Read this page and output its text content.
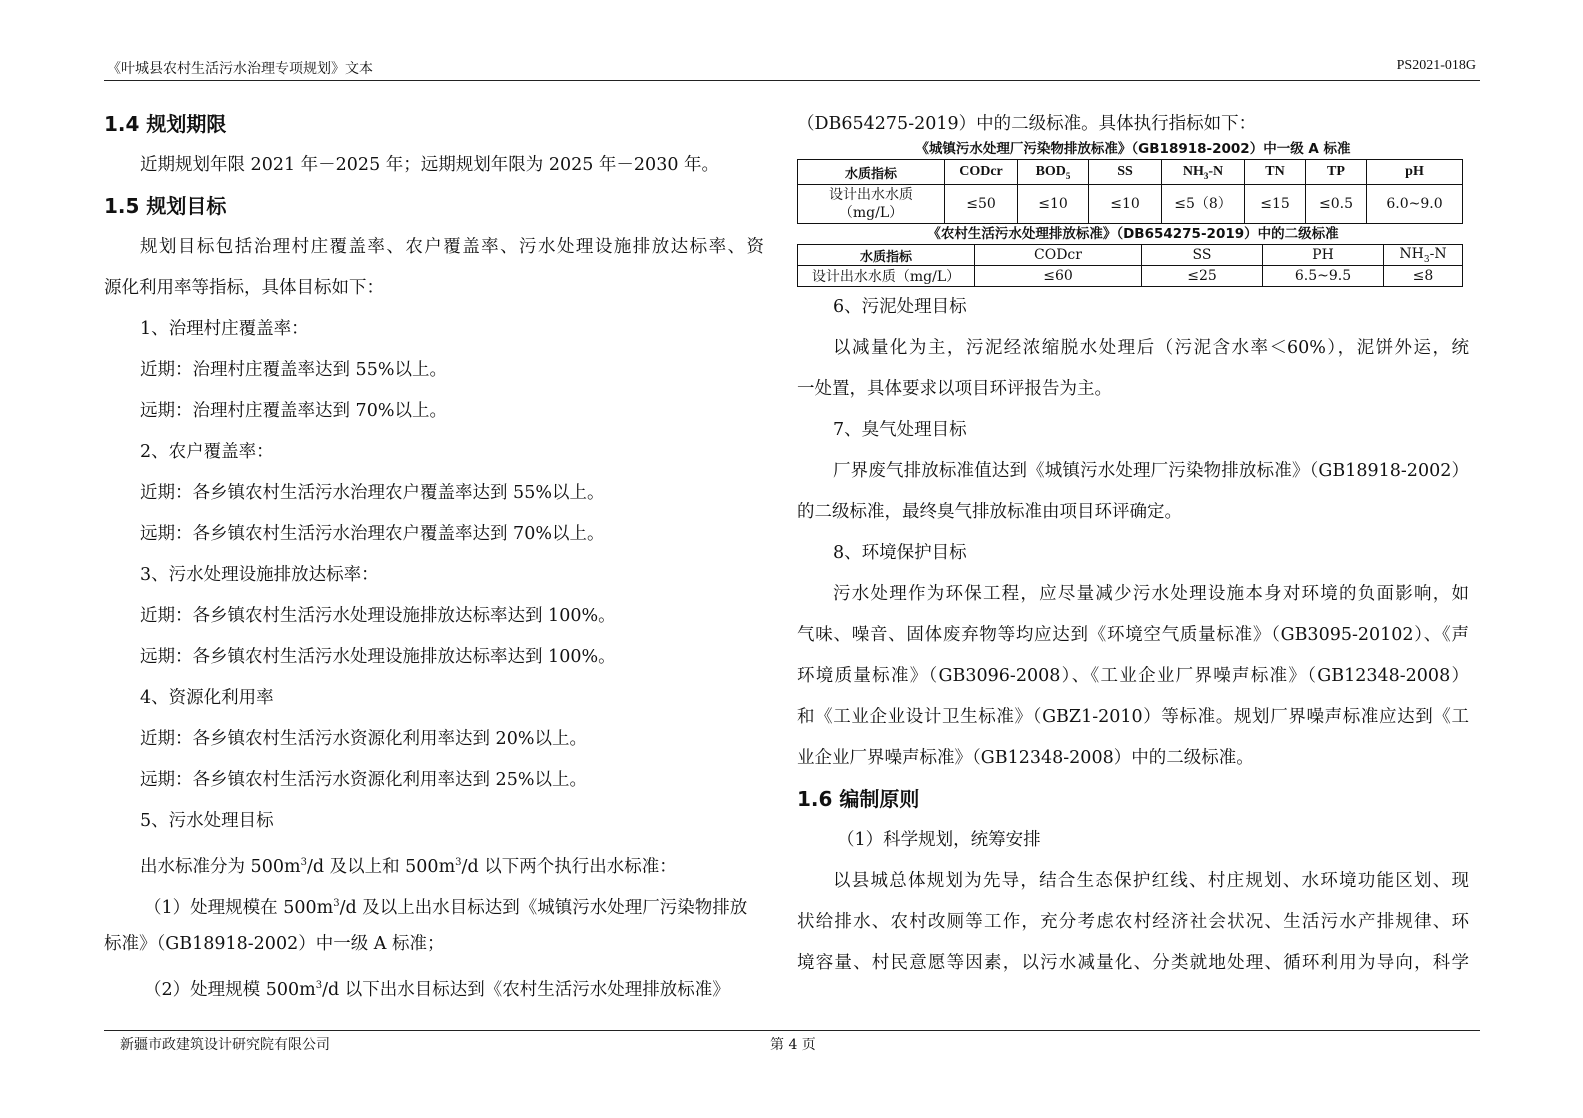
《叶城县农村生活污水治理专项规划》文本	PS2021-018G
1.4 规划期限

近期规划年限 2021 年－2025 年；远期规划年限为 2025 年－2030 年。

1.5 规划目标

规划目标包括治理村庄覆盖率、农户覆盖率、污水处理设施排放达标率、资

源化利用率等指标，具体目标如下：

1、治理村庄覆盖率：

近期：治理村庄覆盖率达到 55%以上。

远期：治理村庄覆盖率达到 70%以上。

2、农户覆盖率：

近期：各乡镇农村生活污水治理农户覆盖率达到 55%以上。

远期：各乡镇农村生活污水治理农户覆盖率达到 70%以上。

3、污水处理设施排放达标率：

近期：各乡镇农村生活污水处理设施排放达标率达到 100%。

远期：各乡镇农村生活污水处理设施排放达标率达到 100%。

4、资源化利用率

近期：各乡镇农村生活污水资源化利用率达到 20%以上。

远期：各乡镇农村生活污水资源化利用率达到 25%以上。

5、污水处理目标

出水标准分为 $500m^3/d$ 及以上和 $500m^3/d$ 以下两个执行出水标准：

（1）处理规模在 $500m^3/d$ 及以上出水目标达到《城镇污水处理厂污染物排放

标准》（GB18918-2002）中一级 A 标准；

（2）处理规模 $500m^3/d$ 以下出水目标达到《农村生活污水处理排放标准》

（DB654275-2019）中的二级标准。具体执行指标如下：

《城镇污水处理厂污染物排放标准》（GB18918-2002）中一级 A 标准
水质指标	CODcr	$BOD_5$	SS	$NH_3-N$	TN	TP	pH
设计出水水质
（mg/L）	≤50	≤10	≤10	≤5（8）	≤15	≤0.5	6.0~9.0
《农村生活污水处理排放标准》（DB654275-2019）中的二级标准
水质指标	CODcr	SS	PH	$NH_3-N$
设计出水水质（mg/L）	≤60	≤25	6.5~9.5	≤8

6、污泥处理目标

以减量化为主，污泥经浓缩脱水处理后（污泥含水率＜60%），泥饼外运，统

一处置，具体要求以项目环评报告为主。

7、臭气处理目标

厂界废气排放标准值达到《城镇污水处理厂污染物排放标准》（GB18918-2002）

的二级标准，最终臭气排放标准由项目环评确定。

8、环境保护目标

污水处理作为环保工程，应尽量减少污水处理设施本身对环境的负面影响，如

气味、噪音、固体废弃物等均应达到《环境空气质量标准》（GB3095-20102）、《声

环境质量标准》（GB3096-2008）、《工业企业厂界噪声标准》（GB12348-2008）

和《工业企业设计卫生标准》（GBZ1-2010）等标准。规划厂界噪声标准应达到《工

业企业厂界噪声标准》（GB12348-2008）中的二级标准。

1.6 编制原则

（1）科学规划，统筹安排

以县城总体规划为先导，结合生态保护红线、村庄规划、水环境功能区划、现

状给排水、农村改厕等工作，充分考虑农村经济社会状况、生活污水产排规律、环

境容量、村民意愿等因素，以污水减量化、分类就地处理、循环利用为导向，科学

新疆市政建筑设计研究院有限公司	第 4 页
